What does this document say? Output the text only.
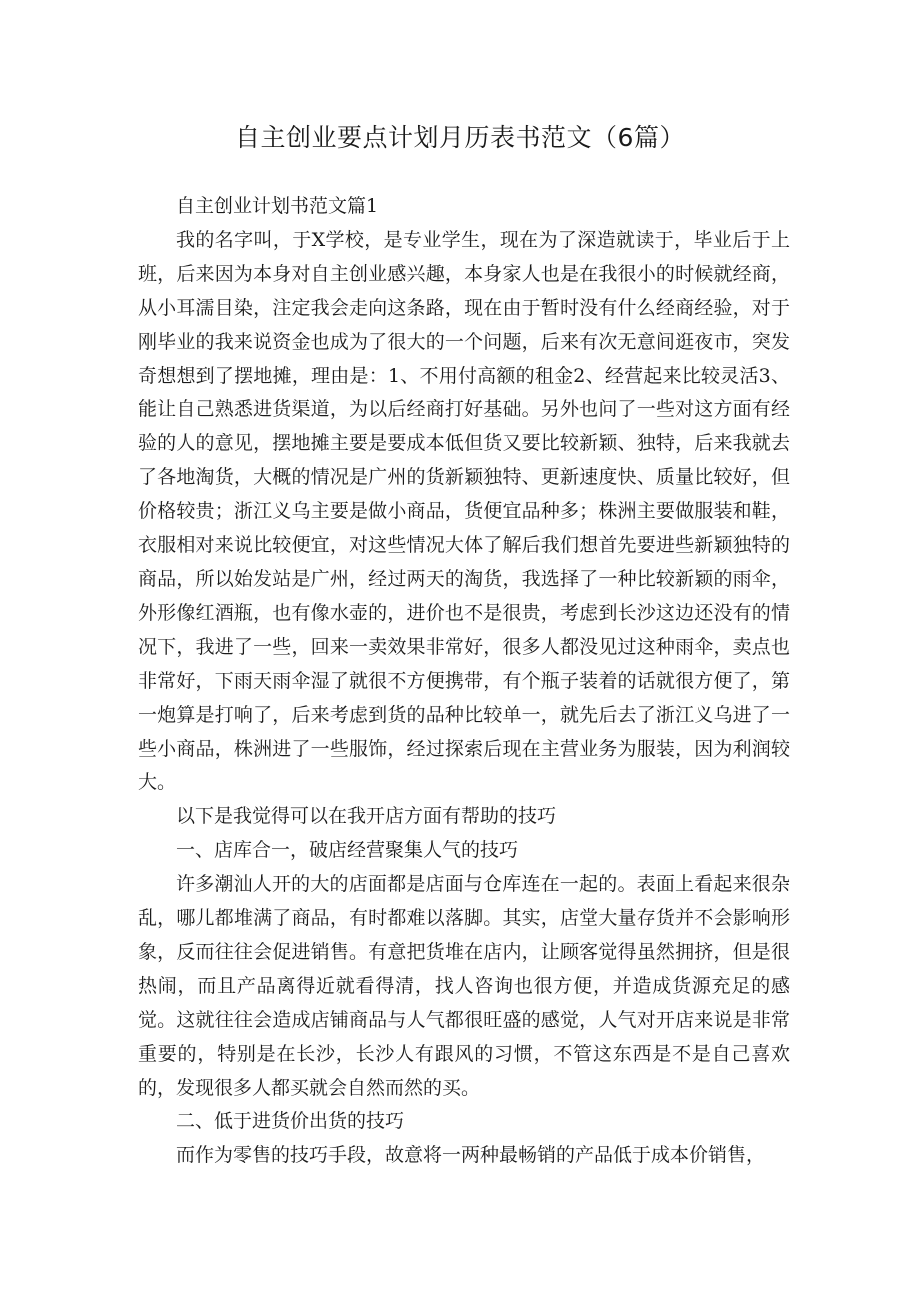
自主创业要点计划月历表书范文（6篇）

自主创业计划书范文篇1

我的名字叫，于X学校，是专业学生，现在为了深造就读于，毕业后于上班，后来因为本身对自主创业感兴趣，本身家人也是在我很小的时候就经商，从小耳濡目染，注定我会走向这条路，现在由于暂时没有什么经商经验，对于刚毕业的我来说资金也成为了很大的一个问题，后来有次无意间逛夜市，突发奇想想到了摆地摊，理由是：1、不用付高额的租金2、经营起来比较灵活3、能让自己熟悉进货渠道，为以后经商打好基础。另外也问了一些对这方面有经验的人的意见，摆地摊主要是要成本低但货又要比较新颖、独特，后来我就去了各地淘货，大概的情况是广州的货新颖独特、更新速度快、质量比较好，但价格较贵；浙江义乌主要是做小商品，货便宜品种多；株洲主要做服装和鞋，衣服相对来说比较便宜，对这些情况大体了解后我们想首先要进些新颖独特的商品，所以始发站是广州，经过两天的淘货，我选择了一种比较新颖的雨伞，外形像红酒瓶，也有像水壶的，进价也不是很贵，考虑到长沙这边还没有的情况下，我进了一些，回来一卖效果非常好，很多人都没见过这种雨伞，卖点也非常好，下雨天雨伞湿了就很不方便携带，有个瓶子装着的话就很方便了，第一炮算是打响了，后来考虑到货的品种比较单一，就先后去了浙江义乌进了一些小商品，株洲进了一些服饰，经过探索后现在主营业务为服装，因为利润较大。

以下是我觉得可以在我开店方面有帮助的技巧

一、店库合一，破店经营聚集人气的技巧

许多潮汕人开的大的店面都是店面与仓库连在一起的。表面上看起来很杂乱，哪儿都堆满了商品，有时都难以落脚。其实，店堂大量存货并不会影响形象，反而往往会促进销售。有意把货堆在店内，让顾客觉得虽然拥挤，但是很热闹，而且产品离得近就看得清，找人咨询也很方便，并造成货源充足的感觉。这就往往会造成店铺商品与人气都很旺盛的感觉，人气对开店来说是非常重要的，特别是在长沙，长沙人有跟风的习惯，不管这东西是不是自己喜欢的，发现很多人都买就会自然而然的买。

二、低于进货价出货的技巧

而作为零售的技巧手段，故意将一两种最畅销的产品低于成本价销售，
